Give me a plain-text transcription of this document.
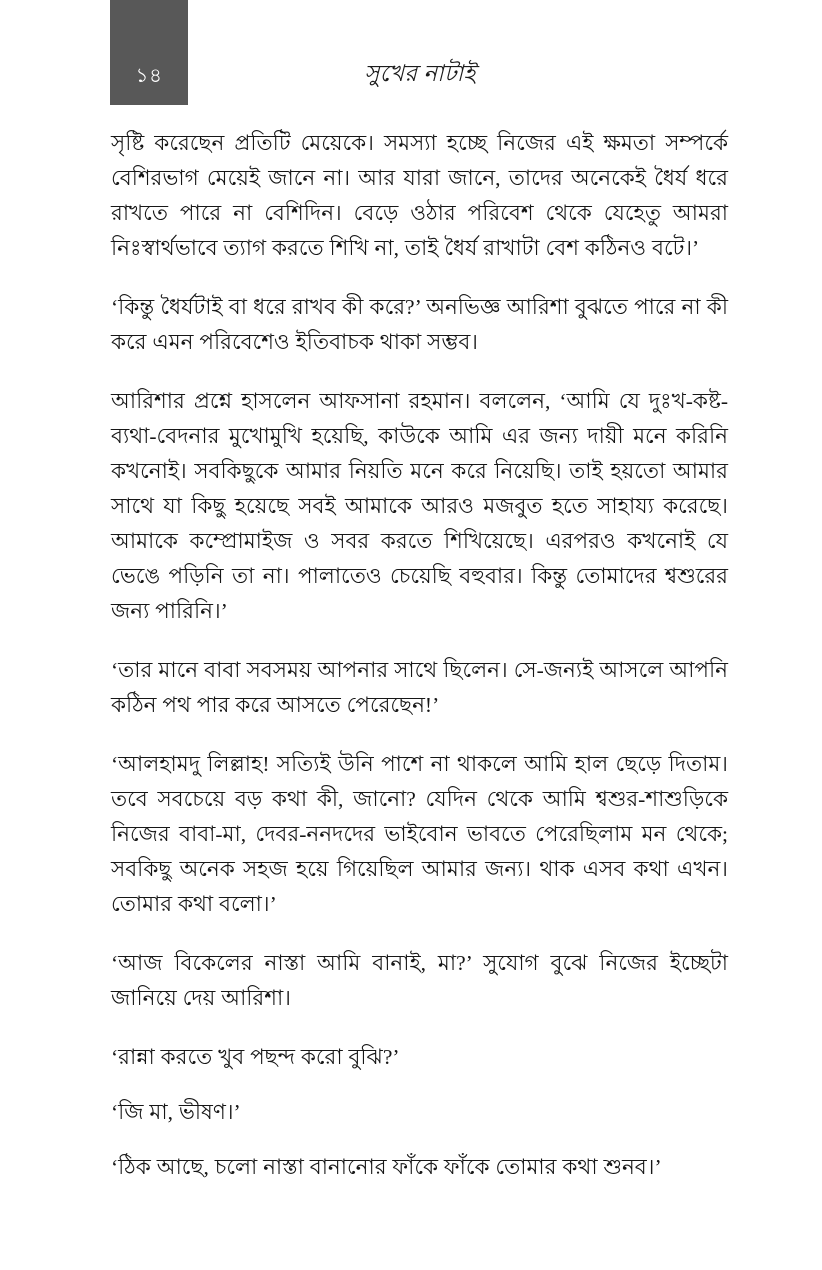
১৪	সুখের নাটাই

সৃষ্টি করেছেন প্রতিটি মেয়েকে। সমস্যা হচ্ছে নিজের এই ক্ষমতা সম্পর্কে বেশিরভাগ মেয়েই জানে না। আর যারা জানে, তাদের অনেকেই ধৈর্য ধরে রাখতে পারে না বেশিদিন। বেড়ে ওঠার পরিবেশ থেকে যেহেতু আমরা নিঃস্বার্থভাবে ত্যাগ করতে শিখি না, তাই ধৈর্য রাখাটা বেশ কঠিনও বটে।’

‘কিন্তু ধৈর্যটাই বা ধরে রাখব কী করে?’ অনভিজ্ঞ আরিশা বুঝতে পারে না কী করে এমন পরিবেশেও ইতিবাচক থাকা সম্ভব।

আরিশার প্রশ্নে হাসলেন আফসানা রহমান। বললেন, ‘আমি যে দুঃখ-কষ্ট-ব্যথা-বেদনার মুখোমুখি হয়েছি, কাউকে আমি এর জন্য দায়ী মনে করিনি কখনোই। সবকিছুকে আমার নিয়তি মনে করে নিয়েছি। তাই হয়তো আমার সাথে যা কিছু হয়েছে সবই আমাকে আরও মজবুত হতে সাহায্য করেছে। আমাকে কম্প্রোমাইজ ও সবর করতে শিখিয়েছে। এরপরও কখনোই যে ভেঙে পড়িনি তা না। পালাতেও চেয়েছি বহুবার। কিন্তু তোমাদের শ্বশুরের জন্য পারিনি।’

‘তার মানে বাবা সবসময় আপনার সাথে ছিলেন। সে-জন্যই আসলে আপনি কঠিন পথ পার করে আসতে পেরেছেন!’

‘আলহামদু লিল্লাহ! সত্যিই উনি পাশে না থাকলে আমি হাল ছেড়ে দিতাম। তবে সবচেয়ে বড় কথা কী, জানো? যেদিন থেকে আমি শ্বশুর-শাশুড়িকে নিজের বাবা-মা, দেবর-ননদদের ভাইবোন ভাবতে পেরেছিলাম মন থেকে; সবকিছু অনেক সহজ হয়ে গিয়েছিল আমার জন্য। থাক এসব কথা এখন। তোমার কথা বলো।’

‘আজ বিকেলের নাস্তা আমি বানাই, মা?’ সুযোগ বুঝে নিজের ইচ্ছেটা জানিয়ে দেয় আরিশা।

‘রান্না করতে খুব পছন্দ করো বুঝি?’

‘জি মা, ভীষণ।’

‘ঠিক আছে, চলো নাস্তা বানানোর ফাঁকে ফাঁকে তোমার কথা শুনব।’
